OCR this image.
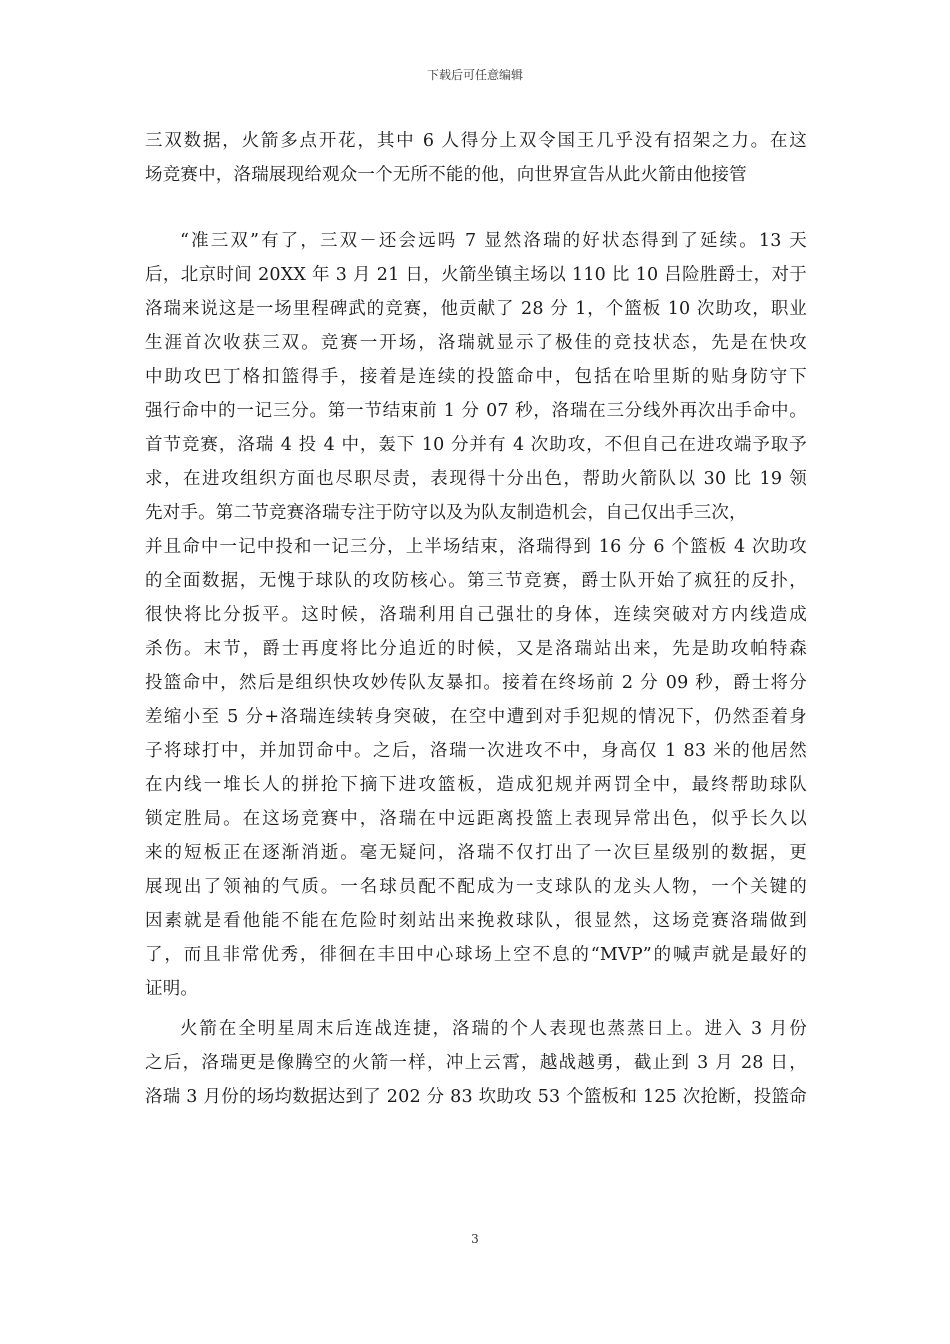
下载后可任意编辑
三双数据，火箭多点开花，其中 6 人得分上双令国王几乎没有招架之力。在这
场竞赛中，洛瑞展现给观众一个无所不能的他，向世界宣告从此火箭由他接管
“准三双”有了，三双－还会远吗 7 显然洛瑞的好状态得到了延续。13 天
后，北京时间 20XX 年 3 月 21 日，火箭坐镇主场以 110 比 10 吕险胜爵士，对于
洛瑞来说这是一场里程碑武的竞赛，他贡献了 28 分 1，个篮板 10 次助攻，职业
生涯首次收获三双。竞赛一开场，洛瑞就显示了极佳的竞技状态，先是在快攻
中助攻巴丁格扣篮得手，接着是连续的投篮命中，包括在哈里斯的贴身防守下
强行命中的一记三分。第一节结束前 1 分 07 秒，洛瑞在三分线外再次出手命中。
首节竞赛，洛瑞 4 投 4 中，轰下 10 分并有 4 次助攻，不但自己在进攻端予取予
求，在进攻组织方面也尽职尽责，表现得十分出色，帮助火箭队以 30 比 19 领
先对手。第二节竞赛洛瑞专注于防守以及为队友制造机会，自己仅出手三次，
并且命中一记中投和一记三分，上半场结束，洛瑞得到 16 分 6 个篮板 4 次助攻
的全面数据，无愧于球队的攻防核心。第三节竞赛，爵士队开始了疯狂的反扑，
很快将比分扳平。这时候，洛瑞利用自己强壮的身体，连续突破对方内线造成
杀伤。末节，爵士再度将比分追近的时候，又是洛瑞站出来，先是助攻帕特森
投篮命中，然后是组织快攻妙传队友暴扣。接着在终场前 2 分 09 秒，爵士将分
差缩小至 5 分+洛瑞连续转身突破，在空中遭到对手犯规的情况下，仍然歪着身
子将球打中，并加罚命中。之后，洛瑞一次进攻不中，身高仅 1 83 米的他居然
在内线一堆长人的拼抢下摘下进攻篮板，造成犯规并两罚全中，最终帮助球队
锁定胜局。在这场竞赛中，洛瑞在中远距离投篮上表现异常出色，似乎长久以
来的短板正在逐渐消逝。毫无疑问，洛瑞不仅打出了一次巨星级别的数据，更
展现出了领袖的气质。一名球员配不配成为一支球队的龙头人物，一个关键的
因素就是看他能不能在危险时刻站出来挽救球队，很显然，这场竞赛洛瑞做到
了，而且非常优秀，徘徊在丰田中心球场上空不息的“MVP”的喊声就是最好的
证明。
火箭在全明星周末后连战连捷，洛瑞的个人表现也蒸蒸日上。进入 3 月份
之后，洛瑞更是像腾空的火箭一样，冲上云霄，越战越勇，截止到 3 月 28 日，
洛瑞 3 月份的场均数据达到了 202 分 83 坎助攻 53 个篮板和 125 次抢断，投篮命
3
